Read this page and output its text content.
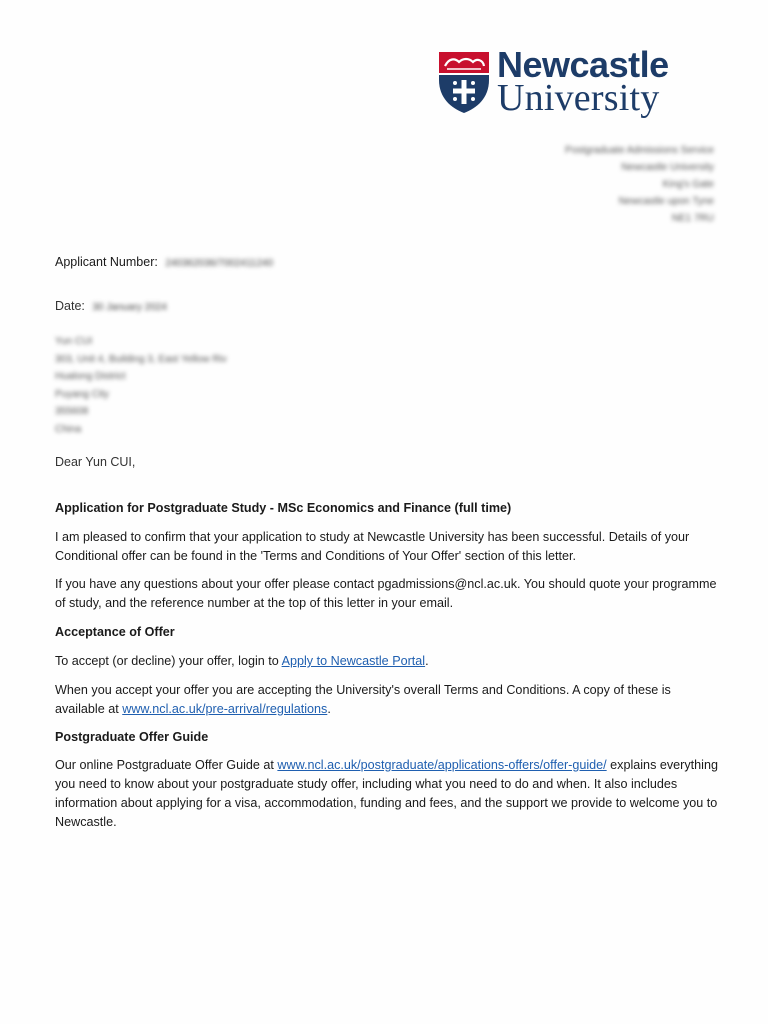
Newcastle
University
Postgraduate Admissions Service
Newcastle University
King's Gate
Newcastle upon Tyne
NE1 7RU
Applicant Number: 240362036/7002411240
Date: 30 January 2024
Yun CUI
303, Unit 4, Building 3, East Yellow Riv
Hualong District
Puyang City
355608
China
Dear Yun CUI,
Application for Postgraduate Study - MSc Economics and Finance (full time)
I am pleased to confirm that your application to study at Newcastle University has been successful. Details of your Conditional offer can be found in the 'Terms and Conditions of Your Offer' section of this letter.
If you have any questions about your offer please contact pgadmissions@ncl.ac.uk. You should quote your programme of study, and the reference number at the top of this letter in your email.
Acceptance of Offer
To accept (or decline) your offer, login to Apply to Newcastle Portal.
When you accept your offer you are accepting the University's overall Terms and Conditions. A copy of these is available at www.ncl.ac.uk/pre-arrival/regulations.
Postgraduate Offer Guide
Our online Postgraduate Offer Guide at www.ncl.ac.uk/postgraduate/applications-offers/offer-guide/ explains everything you need to know about your postgraduate study offer, including what you need to do and when. It also includes information about applying for a visa, accommodation, funding and fees, and the support we provide to welcome you to Newcastle.
